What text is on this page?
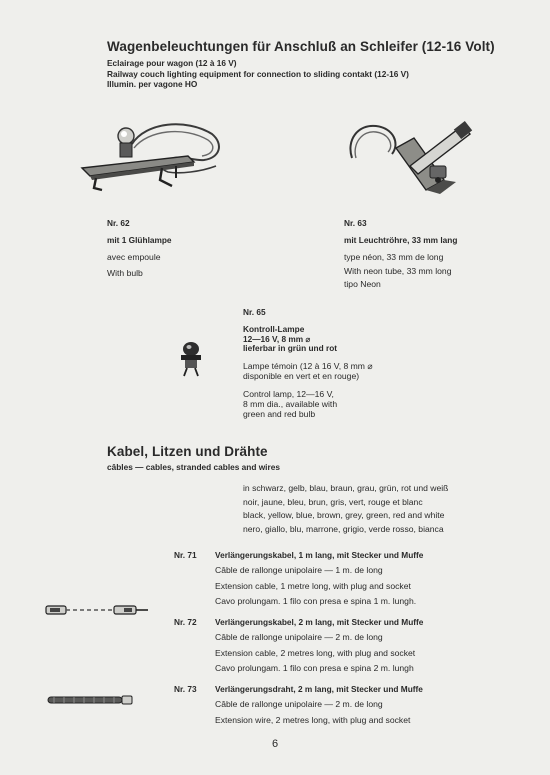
Wagenbeleuchtungen für Anschluß an Schleifer (12-16 Volt)
Eclairage pour wagon (12 à 16 V)
Railway couch lighting equipment for connection to sliding contakt (12-16 V)
Illumin. per vagone HO
Nr. 62
mit 1 Glühlampe
avec empoule
With bulb
Nr. 63
mit Leuchtröhre, 33 mm lang
type néon, 33 mm de long
With neon tube, 33 mm long
tipo Neon
Nr. 65
Kontroll-Lampe
12—16 V, 8 mm ⌀
lieferbar in grün und rot
Lampe témoin (12 à 16 V, 8 mm ⌀
disponible en vert et en rouge)
Control lamp, 12—16 V,
8 mm dia., available with
green and red bulb
Kabel, Litzen und Drähte
câbles — cables, stranded cables and wires
in schwarz, gelb, blau, braun, grau, grün, rot und weiß
noir, jaune, bleu, brun, gris, vert, rouge et blanc
black, yellow, blue, brown, grey, green, red and white
nero, giallo, blu, marrone, grigio, verde rosso, bianca
Nr. 71 Verlängerungskabel, 1 m lang, mit Stecker und Muffe
Câble de rallonge unipolaire — 1 m. de long
Extension cable, 1 metre long, with plug and socket
Cavo prolungam. 1 filo con presa e spina 1 m. lungh.
Nr. 72 Verlängerungskabel, 2 m lang, mit Stecker und Muffe
Câble de rallonge unipolaire — 2 m. de long
Extension cable, 2 metres long, with plug and socket
Cavo prolungam. 1 filo con presa e spina 2 m. lungh
Nr. 73 Verlängerungsdraht, 2 m lang, mit Stecker und Muffe
Câble de rallonge unipolaire — 2 m. de long
Extension wire, 2 metres long, with plug and socket
6
